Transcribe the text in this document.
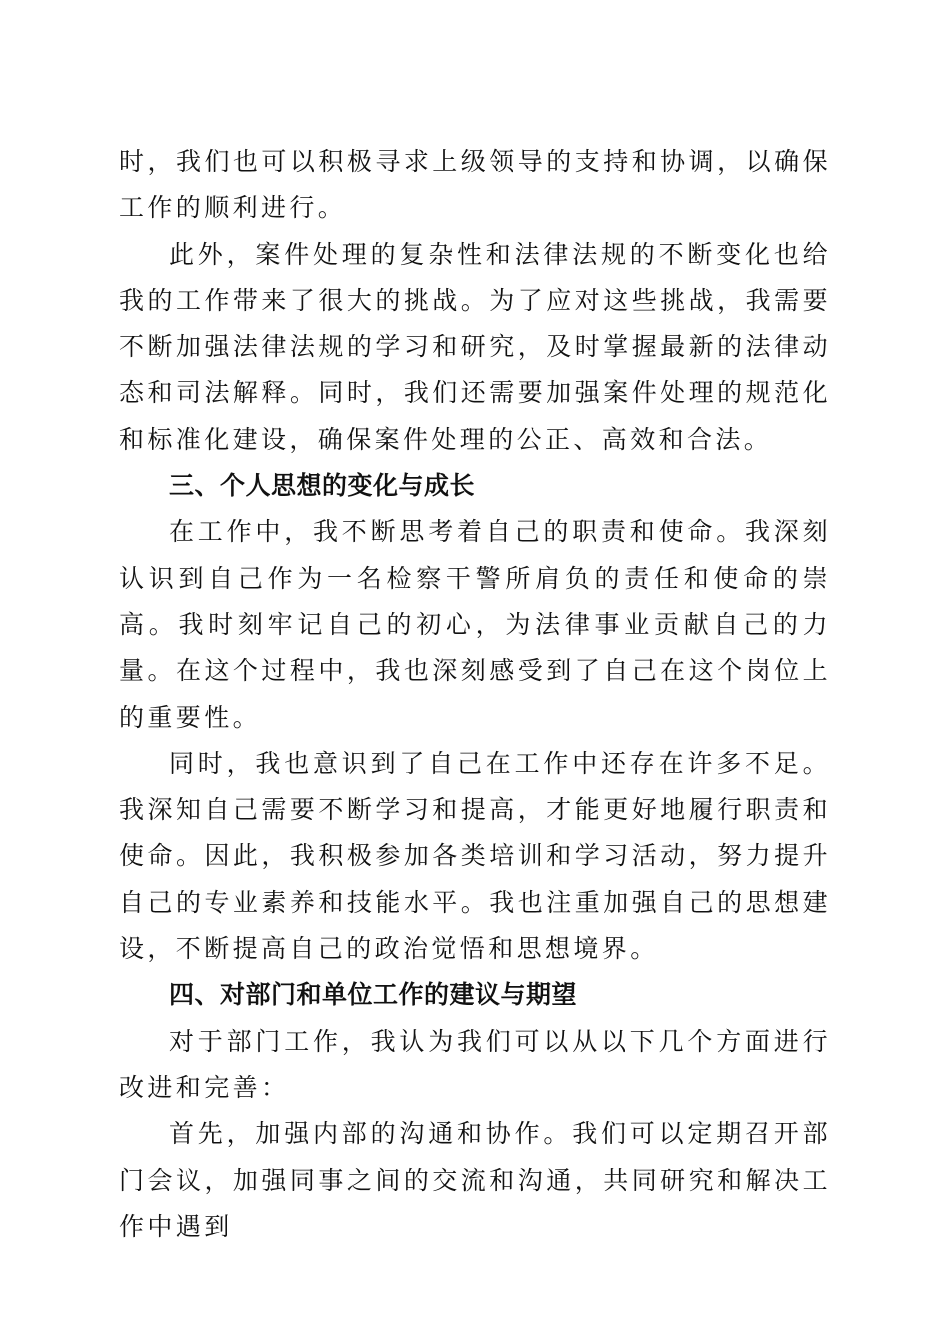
时，我们也可以积极寻求上级领导的支持和协调，以确保工作的顺利进行。

此外，案件处理的复杂性和法律法规的不断变化也给我的工作带来了很大的挑战。为了应对这些挑战，我需要不断加强法律法规的学习和研究，及时掌握最新的法律动态和司法解释。同时，我们还需要加强案件处理的规范化和标准化建设，确保案件处理的公正、高效和合法。

三、个人思想的变化与成长

在工作中，我不断思考着自己的职责和使命。我深刻认识到自己作为一名检察干警所肩负的责任和使命的崇高。我时刻牢记自己的初心，为法律事业贡献自己的力量。在这个过程中，我也深刻感受到了自己在这个岗位上的重要性。

同时，我也意识到了自己在工作中还存在许多不足。我深知自己需要不断学习和提高，才能更好地履行职责和使命。因此，我积极参加各类培训和学习活动，努力提升自己的专业素养和技能水平。我也注重加强自己的思想建设，不断提高自己的政治觉悟和思想境界。

四、对部门和单位工作的建议与期望

对于部门工作，我认为我们可以从以下几个方面进行改进和完善：

首先，加强内部的沟通和协作。我们可以定期召开部门会议，加强同事之间的交流和沟通，共同研究和解决工作中遇到
